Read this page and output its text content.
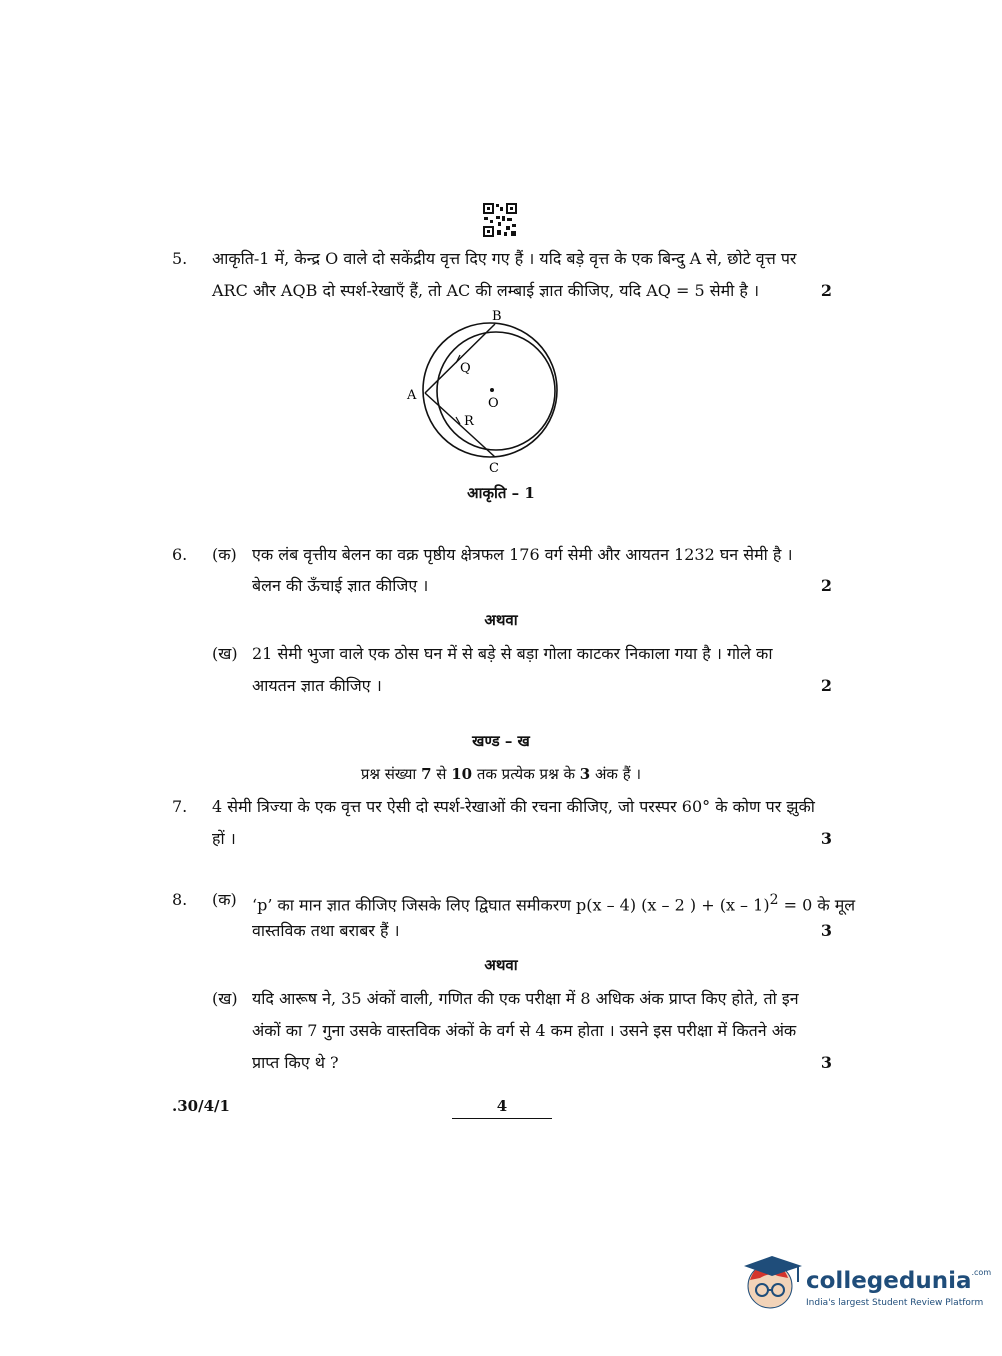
5. आकृति-1 में, केन्द्र O वाले दो सकेंद्रीय वृत्त दिए गए हैं । यदि बड़े वृत्त के एक बिन्दु A से, छोटे वृत्त पर
ARC और AQB दो स्पर्श-रेखाएँ हैं, तो AC की लम्बाई ज्ञात कीजिए, यदि AQ = 5 सेमी है ।	2
B
Q
A
O
R
C
आकृति – 1
6. (क) एक लंब वृत्तीय बेलन का वक्र पृष्ठीय क्षेत्रफल 176 वर्ग सेमी और आयतन 1232 घन सेमी है ।
बेलन की ऊँचाई ज्ञात कीजिए ।	2
अथवा
(ख) 21 सेमी भुजा वाले एक ठोस घन में से बड़े से बड़ा गोला काटकर निकाला गया है । गोले का
आयतन ज्ञात कीजिए ।	2
खण्ड – ख
प्रश्न संख्या 7 से 10 तक प्रत्येक प्रश्न के 3 अंक हैं ।
7. 4 सेमी त्रिज्या के एक वृत्त पर ऐसी दो स्पर्श-रेखाओं की रचना कीजिए, जो परस्पर 60° के कोण पर झुकी
हों ।	3
8. (क) ‘p’ का मान ज्ञात कीजिए जिसके लिए द्विघात समीकरण p(x – 4) (x – 2 ) + (x – 1)$^2$ = 0 के मूल
वास्तविक तथा बराबर हैं ।	3
अथवा
(ख) यदि आरूष ने, 35 अंकों वाली, गणित की एक परीक्षा में 8 अधिक अंक प्राप्त किए होते, तो इन
अंकों का 7 गुना उसके वास्तविक अंकों के वर्ग से 4 कम होता । उसने इस परीक्षा में कितने अंक
प्राप्त किए थे ?	3
.30/4/1	4
collegedunia$^{.com}$
India's largest Student Review Platform
